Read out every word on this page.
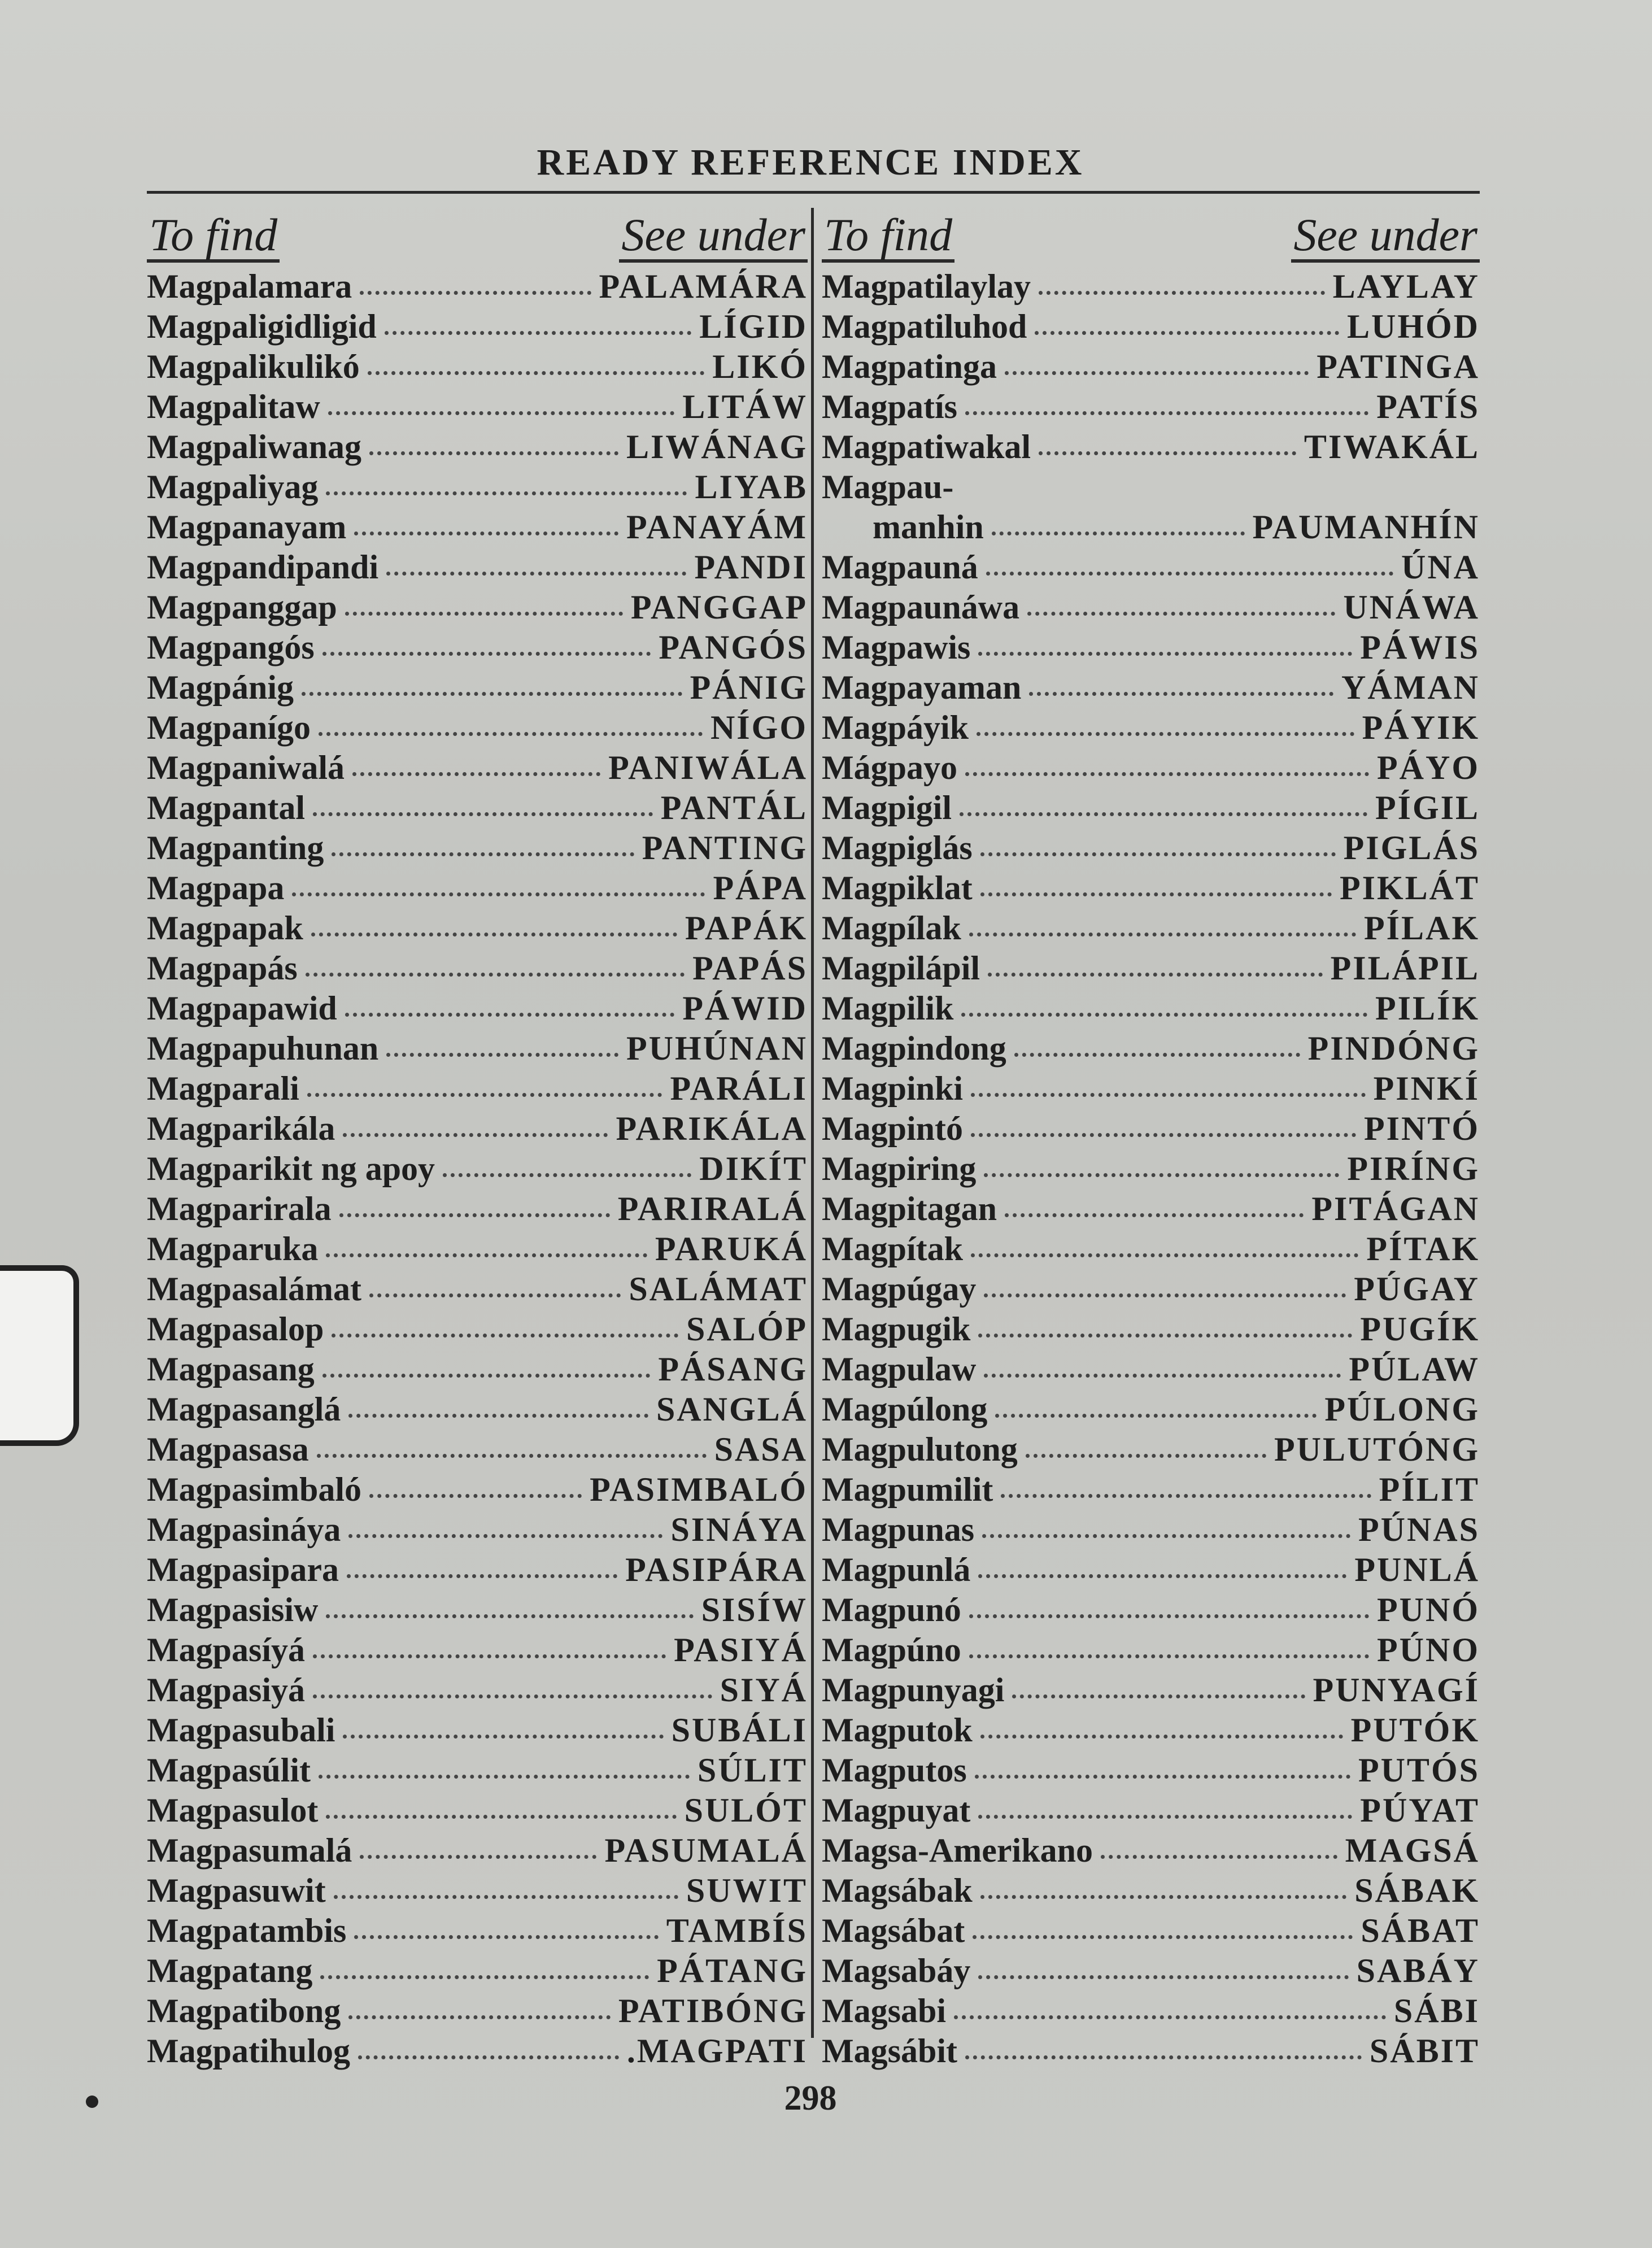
READY REFERENCE INDEX
To find	See under
Magpalamara	PALAMÁRA
Magpaligidligid	LÍGID
Magpalikulikó	LIKÓ
Magpalitaw	LITÁW
Magpaliwanag	LIWÁNAG
Magpaliyag	LIYAB
Magpanayam	PANAYÁM
Magpandipandi	PANDI
Magpanggap	PANGGAP
Magpangós	PANGÓS
Magpánig	PÁNIG
Magpanígo	NÍGO
Magpaniwalá	PANIWÁLA
Magpantal	PANTÁL
Magpanting	PANTING
Magpapa	PÁPA
Magpapak	PAPÁK
Magpapás	PAPÁS
Magpapawid	PÁWID
Magpapuhunan	PUHÚNAN
Magparali	PARÁLI
Magparikála	PARIKÁLA
Magparikit ng apoy	DIKÍT
Magparirala	PARIRALÁ
Magparuka	PARUKÁ
Magpasalámat	SALÁMAT
Magpasalop	SALÓP
Magpasang	PÁSANG
Magpasanglá	SANGLÁ
Magpasasa	SASA
Magpasimbaló	PASIMBALÓ
Magpasináya	SINÁYA
Magpasipara	PASIPÁRA
Magpasisiw	SISÍW
Magpasíyá	PASIYÁ
Magpasiyá	SIYÁ
Magpasubali	SUBÁLI
Magpasúlit	SÚLIT
Magpasulot	SULÓT
Magpasumalá	PASUMALÁ
Magpasuwit	SUWIT
Magpatambis	TAMBÍS
Magpatang	PÁTANG
Magpatibong	PATIBÓNG
Magpatihulog	.MAGPATI
To find	See under
Magpatilaylay	LAYLAY
Magpatiluhod	LUHÓD
Magpatinga	PATINGA
Magpatís	PATÍS
Magpatiwakal	TIWAKÁL
Magpau-
manhin	PAUMANHÍN
Magpauná	ÚNA
Magpaunáwa	UNÁWA
Magpawis	PÁWIS
Magpayaman	YÁMAN
Magpáyik	PÁYIK
Mágpayo	PÁYO
Magpigil	PÍGIL
Magpiglás	PIGLÁS
Magpiklat	PIKLÁT
Magpílak	PÍLAK
Magpilápil	PILÁPIL
Magpilik	PILÍK
Magpindong	PINDÓNG
Magpinki	PINKÍ
Magpintó	PINTÓ
Magpiring	PIRÍNG
Magpitagan	PITÁGAN
Magpítak	PÍTAK
Magpúgay	PÚGAY
Magpugik	PUGÍK
Magpulaw	PÚLAW
Magpúlong	PÚLONG
Magpulutong	PULUTÓNG
Magpumilit	PÍLIT
Magpunas	PÚNAS
Magpunlá	PUNLÁ
Magpunó	PUNÓ
Magpúno	PÚNO
Magpunyagi	PUNYAGÍ
Magputok	PUTÓK
Magputos	PUTÓS
Magpuyat	PÚYAT
Magsa-Amerikano	MAGSÁ
Magsábak	SÁBAK
Magsábat	SÁBAT
Magsabáy	SABÁY
Magsabi	SÁBI
Magsábit	SÁBIT
298
